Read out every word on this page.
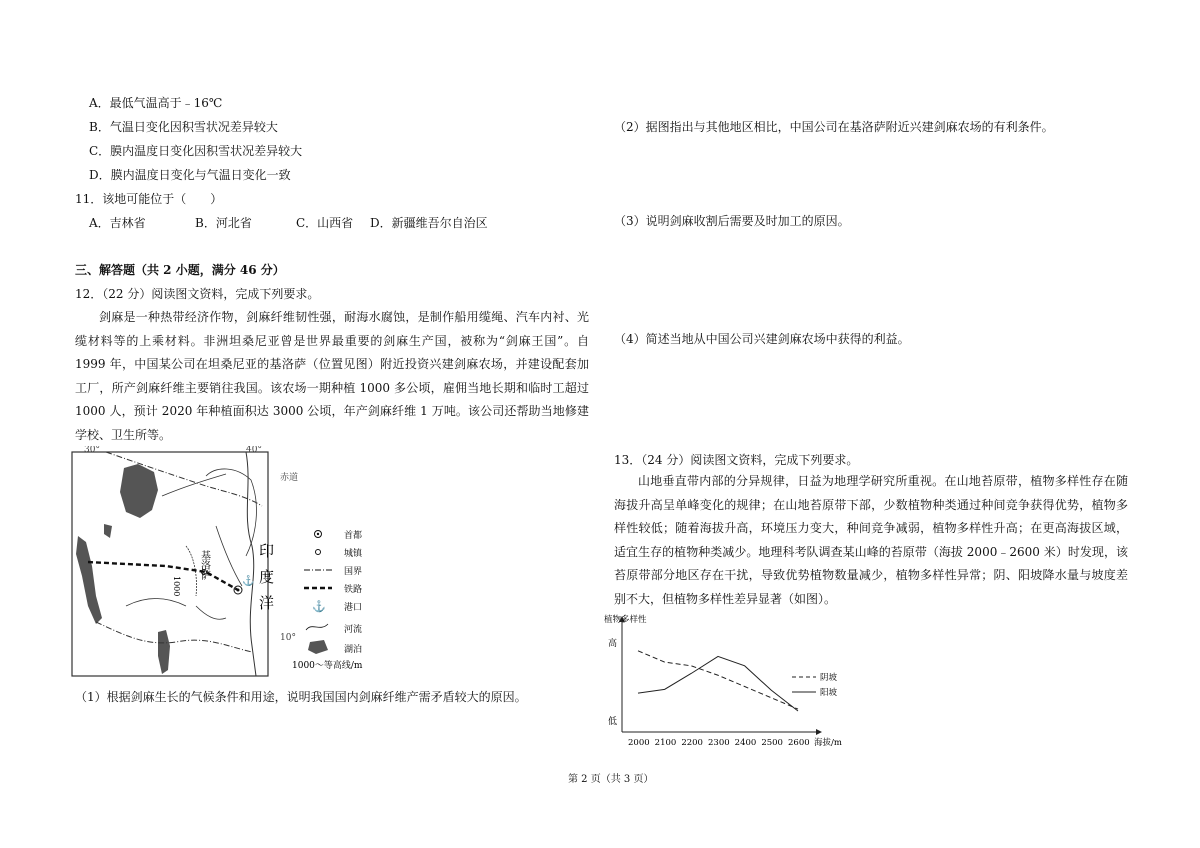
A．最低气温高于﹣16℃
B．气温日变化因积雪状况差异较大
C．膜内温度日变化因积雪状况差异较大
D．膜内温度日变化与气温日变化一致
11．该地可能位于（　　）
A．吉林省	B．河北省	C．山西省 D．新疆维吾尔自治区
三、解答题（共 2 小题，满分 46 分）
12．（22 分）阅读图文资料，完成下列要求。
剑麻是一种热带经济作物，剑麻纤维韧性强，耐海水腐蚀，是制作船用缆绳、汽车内衬、光缆材料等的上乘材料。非洲坦桑尼亚曾是世界最重要的剑麻生产国，被称为“剑麻王国”。自 1999 年，中国某公司在坦桑尼亚的基洛萨（位置见图）附近投资兴建剑麻农场，并建设配套加工厂，所产剑麻纤维主要销往我国。该农场一期种植 1000 多公顷，雇佣当地长期和临时工超过 1000 人，预计 2020 年种植面积达 3000 公顷，年产剑麻纤维 1 万吨。该公司还帮助当地修建学校、卫生所等。
⚓
30°	40°
10°
赤道
基洛萨
1000
印
度
洋
首都
城镇
国界
铁路
⚓ 港口
河流
湖泊
1000～等高线/m
（1）根据剑麻生长的气候条件和用途，说明我国国内剑麻纤维产需矛盾较大的原因。
（2）据图指出与其他地区相比，中国公司在基洛萨附近兴建剑麻农场的有利条件。
（3）说明剑麻收割后需要及时加工的原因。
（4）简述当地从中国公司兴建剑麻农场中获得的利益。
13．（24 分）阅读图文资料，完成下列要求。
山地垂直带内部的分异规律，日益为地理学研究所重视。在山地苔原带，植物多样性存在随海拔升高呈单峰变化的规律；在山地苔原带下部，少数植物种类通过种间竞争获得优势，植物多样性较低；随着海拔升高，环境压力变大，种间竞争减弱，植物多样性升高；在更高海拔区域，适宜生存的植物种类减少。地理科考队调查某山峰的苔原带（海拔 2000﹣2600 米）时发现，该苔原带部分地区存在干扰，导致优势植物数量减少，植物多样性异常；阴、阳坡降水量与坡度差别不大，但植物多样性差异显著（如图）。
植物多样性
高
低
海拔/m
2000 2100 2200 2300 2400 2500 2600
阴坡
阳坡
第 2 页（共 3 页）
